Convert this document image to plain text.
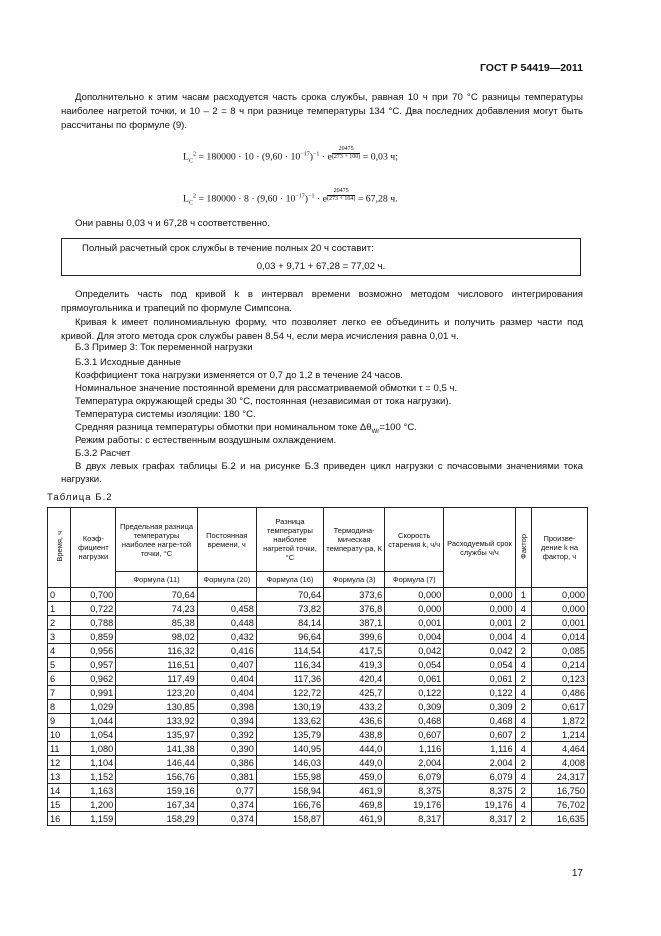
ГОСТ Р 54419—2011

Дополнительно к этим часам расходуется часть срока службы, равная 10 ч при 70 °С разницы температуры наиболее нагретой точки, и 10 – 2 = 8 ч при разнице температуры 134 °С. Два последних добавления могут быть рассчитаны по формуле (9).

$L_C^2 = 180000 \cdot 10 \cdot (9,60 \cdot 10^{-17})^{-1} \cdot e$ $^{\frac{20475}{(273 + 100)}}$ = 0,03 ч;
$L_C^2 = 180000 \cdot 8 \cdot (9,60 \cdot 10^{-17})^{-1} \cdot e$ $^{\frac{20475}{(273 + 164)}}$ = 67,28 ч.
Они равны 0,03 ч и 67,28 ч соответственно.
Полный расчетный срок службы в течение полных 20 ч составит:
0,03 + 9,71 + 67,28 = 77,02 ч.

Определить часть под кривой k в интервал времени возможно методом числового интегрирования прямоугольника и трапеций по формуле Симпсона.

Кривая k имеет полиномиальную форму, что позволяет легко ее объединить и получить размер части под кривой. Для этого метода срок службы равен 8,54 ч, если мера исчисления равна 0,01 ч.

Б.3 Пример 3: Ток переменной нагрузки
Б.3.1 Исходные данные
Коэффициент тока нагрузки изменяется от 0,7 до 1,2 в течение 24 часов.
Номинальное значение постоянной времени для рассматриваемой обмотки τ = 0,5 ч.
Температура окружающей среды 30 °С, постоянная (независимая от тока нагрузки).
Температура системы изоляции: 180 °С.
Средняя разница температуры обмотки при номинальном токе $\Delta\theta_{Wr}=100$ °С.
Режим работы: с естественным воздушным охлаждением.
Б.3.2 Расчет

В двух левых графах таблицы Б.2 и на рисунке Б.3 приведен цикл нагрузки с почасовыми значениями тока нагрузки.

Таблица Б.2
Время, ч	Коэф-фициент нагрузки	Предельная разница температуры наиболее нагре-той точки, °С	Постоянная времени, ч	Разница температуры наиболее нагретой точки, °С	Термодина-мическая температу-ра, К	Скорость старения k, ч/ч	Расходуемый срок службы ч/ч	Фактор	Произве-дение k на фактор, ч
		Формула (11)	Формула (20)	Формула (16)	Формула (3)	Формула (7)			
0	0,700	70,64		70,64	373,6	0,000	0,000	1	0,000
1	0,722	74,23	0,458	73,82	376,8	0,000	0,000	4	0,000
2	0,788	85,38	0,448	84,14	387,1	0,001	0,001	2	0,001
3	0,859	98,02	0,432	96,64	399,6	0,004	0,004	4	0,014
4	0,956	116,32	0,416	114,54	417,5	0,042	0,042	2	0,085
5	0,957	116,51	0,407	116,34	419,3	0,054	0,054	4	0,214
6	0,962	117,49	0,404	117,36	420,4	0,061	0,061	2	0,123
7	0,991	123,20	0,404	122,72	425,7	0,122	0,122	4	0,486
8	1,029	130,85	0,398	130,19	433,2	0,309	0,309	2	0,617
9	1,044	133,92	0,394	133,62	436,6	0,468	0,468	4	1,872
10	1,054	135,97	0,392	135,79	438,8	0,607	0,607	2	1,214
11	1,080	141,38	0,390	140,95	444,0	1,116	1,116	4	4,464
12	1,104	146,44	0,386	146,03	449,0	2,004	2,004	2	4,008
13	1,152	156,76	0,381	155,98	459,0	6,079	6,079	4	24,317
14	1,163	159,16	0,77	158,94	461,9	8,375	8,375	2	16,750
15	1,200	167,34	0,374	166,76	469,8	19,176	19,176	4	76,702
16	1,159	158,29	0,374	158,87	461,9	8,317	8,317	2	16,635
17
